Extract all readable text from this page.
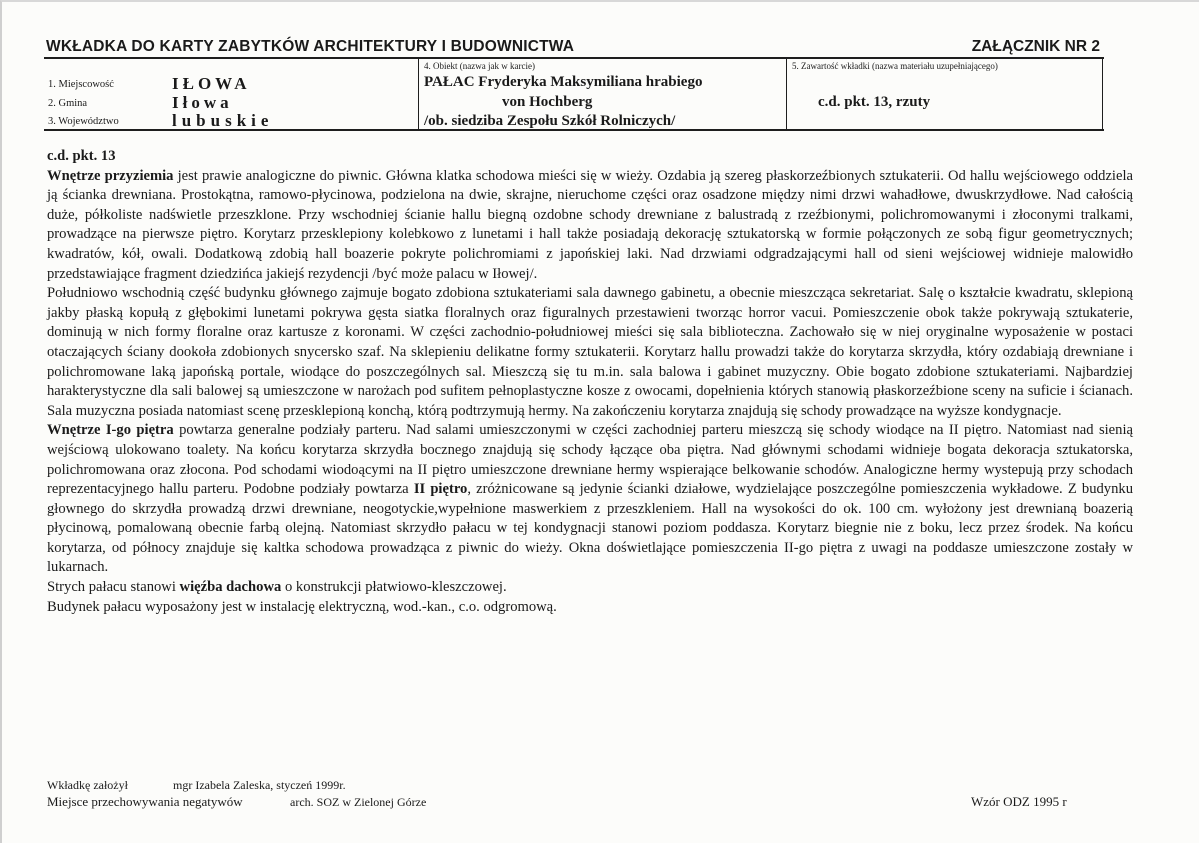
WKŁADKA DO KARTY ZABYTKÓW ARCHITEKTURY I BUDOWNICTWA	ZAŁĄCZNIK NR 2
1. Miejscowość	IŁOWA
2. Gmina	Iłowa
3. Województwo	lubuskie
4. Obiekt (nazwa jak w karcie)
PAŁAC Fryderyka Maksymiliana hrabiego
von Hochberg
/ob. siedziba Zespołu Szkół Rolniczych/
5. Zawartość wkładki (nazwa materiału uzupełniającego)
c.d. pkt. 13, rzuty

c.d. pkt. 13

Wnętrze przyziemia jest prawie analogiczne do piwnic. Główna klatka schodowa mieści się w wieży. Ozdabia ją szereg płaskorzeźbionych sztukaterii. Od hallu wejściowego oddziela ją ścianka drewniana. Prostokątna, ramowo-płycinowa, podzielona na dwie, skrajne, nieruchome części oraz osadzone między nimi drzwi wahadłowe, dwuskrzydłowe. Nad całością duże, półkoliste nadświetle przeszklone. Przy wschodniej ścianie hallu biegną ozdobne schody drewniane z balustradą z rzeźbionymi, polichromowanymi i złoconymi tralkami, prowadzące na pierwsze piętro. Korytarz przesklepiony kolebkowo z lunetami i hall także posiadają dekorację sztukatorską w formie połączonych ze sobą figur geometrycznych; kwadratów, kół, owali. Dodatkową zdobią hall boazerie pokryte polichromiami z japońskiej laki. Nad drzwiami odgradzającymi hall od sieni wejściowej widnieje malowidło przedstawiające fragment dziedzińca jakiejś rezydencji /być może palacu w Iłowej/.

Południowo wschodnią część budynku głównego zajmuje bogato zdobiona sztukateriami sala dawnego gabinetu, a obecnie mieszcząca sekretariat. Salę o kształcie kwadratu, sklepioną jakby płaską kopułą z głębokimi lunetami pokrywa gęsta siatka floralnych oraz figuralnych przestawieni tworząc horror vacui. Pomieszczenie obok także pokrywają sztukaterie, dominują w nich formy floralne oraz kartusze z koronami. W części zachodnio-południowej mieści się sala biblioteczna. Zachowało się w niej oryginalne wyposażenie w postaci otaczających ściany dookoła zdobionych snycersko szaf. Na sklepieniu delikatne formy sztukaterii. Korytarz hallu prowadzi także do korytarza skrzydła, który ozdabiają drewniane i polichromowane laką japońską portale, wiodące do poszczególnych sal. Mieszczą się tu m.in. sala balowa i gabinet muzyczny. Obie bogato zdobione sztukateriami. Najbardziej harakterystyczne dla sali balowej są umieszczone w narożach pod sufitem pełnoplastyczne kosze z owocami, dopełnienia których stanowią płaskorzeźbione sceny na suficie i ścianach. Sala muzyczna posiada natomiast scenę przesklepioną konchą, którą podtrzymują hermy. Na zakończeniu korytarza znajdują się schody prowadzące na wyższe kondygnacje.

Wnętrze I-go piętra powtarza generalne podziały parteru. Nad salami umieszczonymi w części zachodniej parteru mieszczą się schody wiodące na II piętro. Natomiast nad sienią wejściową ulokowano toalety. Na końcu korytarza skrzydła bocznego znajdują się schody łączące oba piętra. Nad głównymi schodami widnieje bogata dekoracja sztukatorska, polichromowana oraz złocona. Pod schodami wiodoącymi na II piętro umieszczone drewniane hermy wspierające belkowanie schodów. Analogiczne hermy wystepują przy schodach reprezentacyjnego hallu parteru. Podobne podziały powtarza II piętro, zróżnicowane są jedynie ścianki działowe, wydzielające poszczególne pomieszczenia wykładowe. Z budynku głownego do skrzydła prowadzą drzwi drewniane, neogotyckie,wypełnione maswerkiem z przeszkleniem. Hall na wysokości do ok. 100 cm. wyłożony jest drewnianą boazerią płycinową, pomalowaną obecnie farbą olejną. Natomiast skrzydło pałacu w tej kondygnacji stanowi poziom poddasza. Korytarz biegnie nie z boku, lecz przez środek. Na końcu korytarza, od północy znajduje się kaltka schodowa prowadząca z piwnic do wieży. Okna doświetlające pomieszczenia II-go piętra z uwagi na poddasze umieszczone zostały w lukarnach.

Strych pałacu stanowi więźba dachowa o konstrukcji płatwiowo-kleszczowej.

Budynek pałacu wyposażony jest w instalację elektryczną, wod.-kan., c.o. odgromową.

Wkładkę założył	mgr Izabela Zaleska, styczeń 1999r.
Miejsce przechowywania negatywów	arch. SOZ w Zielonej Górze	Wzór ODZ 1995 r
